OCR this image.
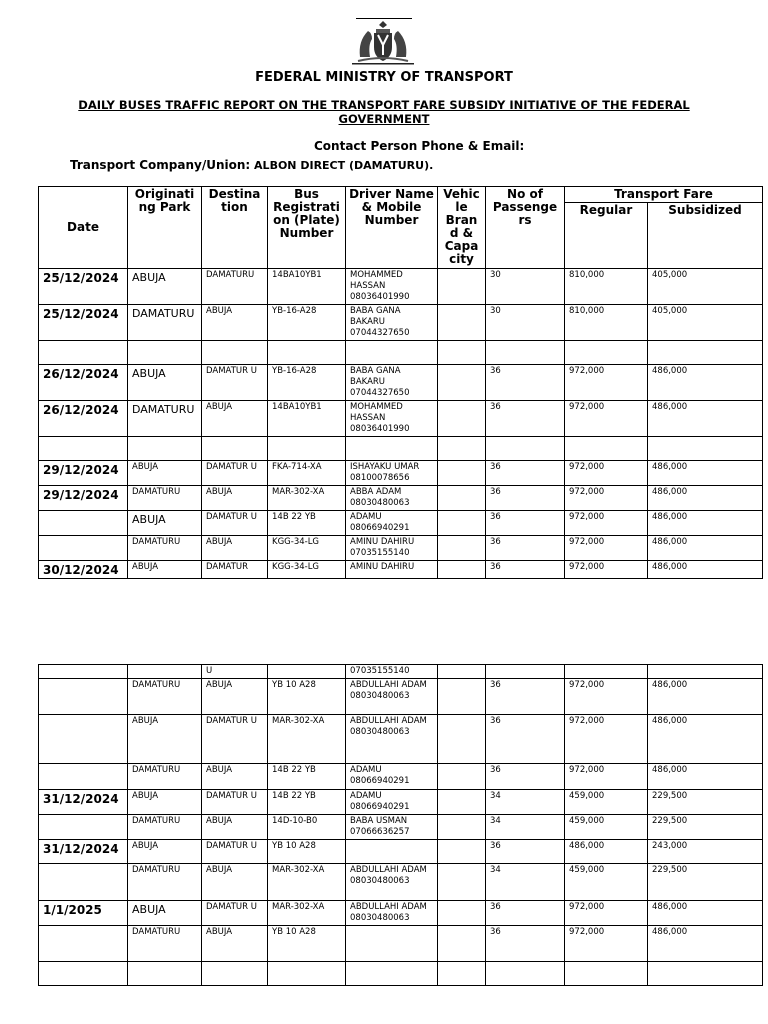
FEDERAL MINISTRY OF TRANSPORT
DAILY BUSES TRAFFIC REPORT ON THE TRANSPORT FARE SUBSIDY INITIATIVE OF THE FEDERAL GOVERNMENT
Contact Person Phone & Email:
Transport Company/Union: ALBON DIRECT (DAMATURU).
Date	Originati ng Park	Destina tion	Bus Registrati on (Plate) Number	Driver Name & Mobile Number	Vehic le Bran d & Capa city	No of Passenge rs	Transport Fare	
							Regular	Subsidized
25/12/2024	ABUJA	DAMATURU	14BA10YB1	MOHAMMED HASSAN 08036401990		30	810,000	405,000
25/12/2024	DAMATURU	ABUJA	YB-16-A28	BABA GANA BAKARU 07044327650		30	810,000	405,000

26/12/2024	ABUJA	DAMATUR U	YB-16-A28	BABA GANA BAKARU 07044327650		36	972,000	486,000
26/12/2024	DAMATURU	ABUJA	14BA10YB1	MOHAMMED HASSAN 08036401990		36	972,000	486,000

29/12/2024	ABUJA	DAMATUR U	FKA-714-XA	ISHAYAKU UMAR 08100078656		36	972,000	486,000
29/12/2024	DAMATURU	ABUJA	MAR-302-XA	ABBA ADAM 08030480063		36	972,000	486,000
	ABUJA	DAMATUR U	14B 22 YB	ADAMU 08066940291		36	972,000	486,000
	DAMATURU	ABUJA	KGG-34-LG	AMINU DAHIRU 07035155140		36	972,000	486,000
30/12/2024	ABUJA	DAMATUR	KGG-34-LG	AMINU DAHIRU		36	972,000	486,000
		U		07035155140				
	DAMATURU	ABUJA	YB 10 A28	ABDULLAHI ADAM 08030480063		36	972,000	486,000
	ABUJA	DAMATUR U	MAR-302-XA	ABDULLAHI ADAM 08030480063		36	972,000	486,000
	DAMATURU	ABUJA	14B 22 YB	ADAMU 08066940291		36	972,000	486,000
31/12/2024	ABUJA	DAMATUR U	14B 22 YB	ADAMU 08066940291		34	459,000	229,500
	DAMATURU	ABUJA	14D-10-B0	BABA USMAN 07066636257		34	459,000	229,500
31/12/2024	ABUJA	DAMATUR U	YB 10 A28			36	486,000	243,000
	DAMATURU	ABUJA	MAR-302-XA	ABDULLAHI ADAM 08030480063		34	459,000	229,500
1/1/2025	ABUJA	DAMATUR U	MAR-302-XA	ABDULLAHI ADAM 08030480063		36	972,000	486,000
	DAMATURU	ABUJA	YB 10 A28			36	972,000	486,000
